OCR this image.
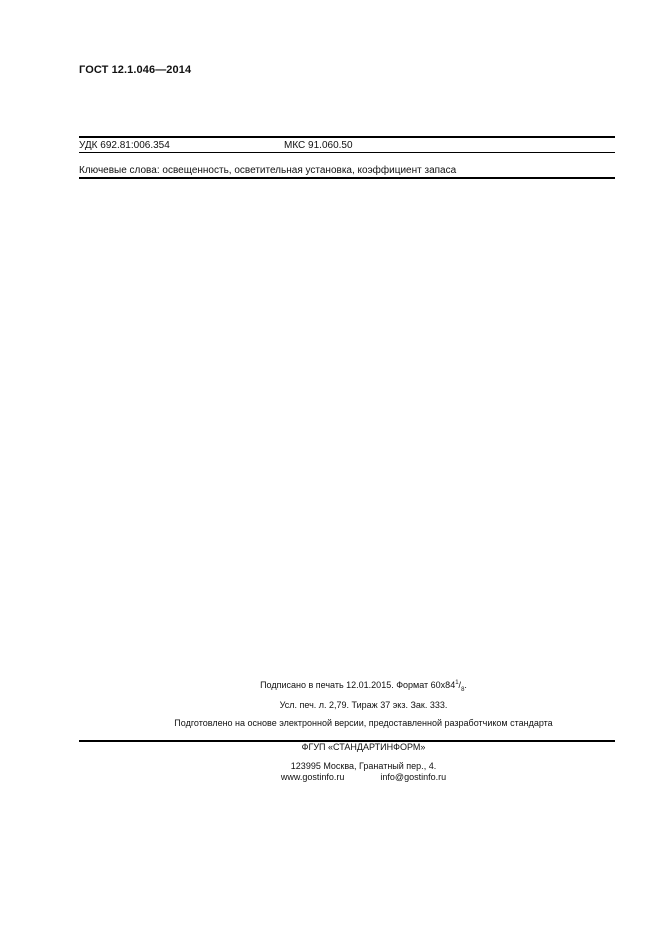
ГОСТ 12.1.046—2014
УДК 692.81:006.354	МКС 91.060.50
Ключевые слова: освещенность, осветительная установка, коэффициент запаса
Подписано в печать 12.01.2015. Формат $60x84^1/_8$.
Усл. печ. л. 2,79. Тираж 37 экз. Зак. 333.
Подготовлено на основе электронной версии, предоставленной разработчиком стандарта
ФГУП «СТАНДАРТИНФОРМ»
123995 Москва, Гранатный пер., 4.
www.gostinfo.ru	info@gostinfo.ru
